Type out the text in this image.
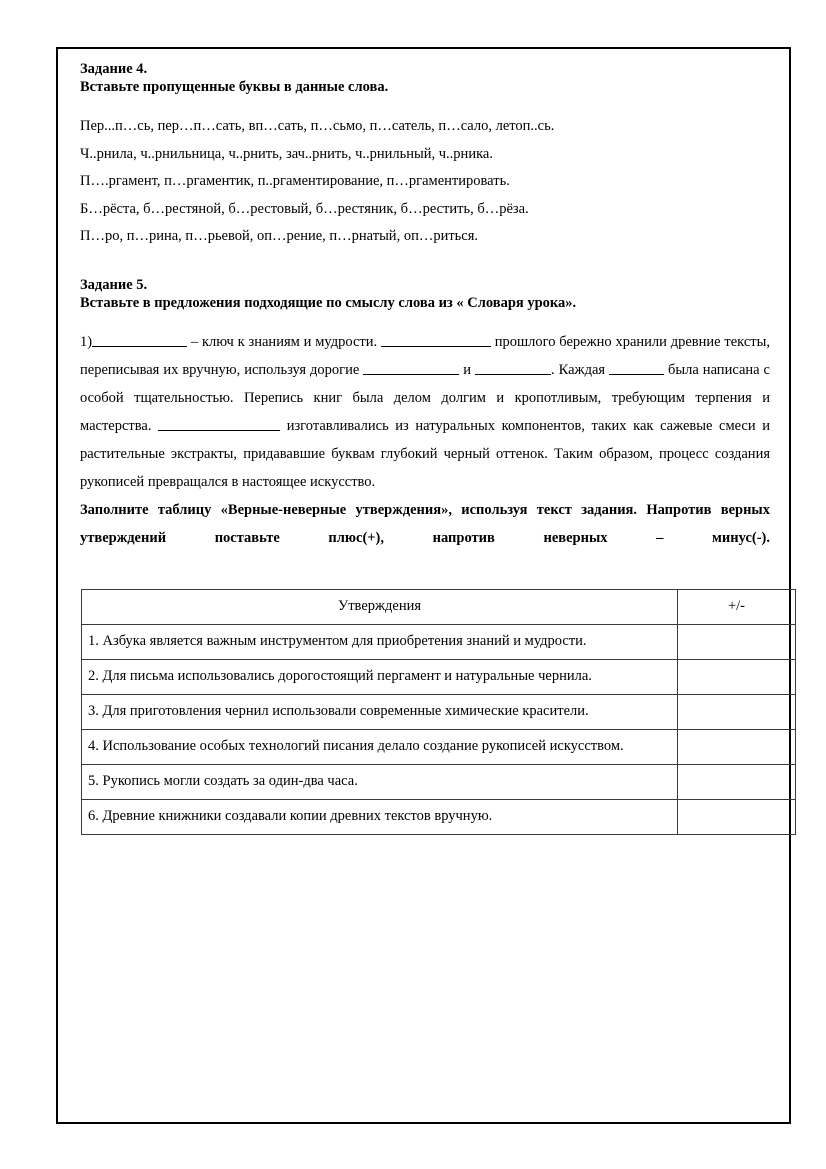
Задание 4.

Вставьте пропущенные буквы в данные слова.

Пер...п…сь, пер…п…сать, вп…сать, п…сьмо, п…сатель, п…сало, летоп..сь.

Ч..рнила, ч..рнильница, ч..рнить, зач..рнить, ч..рнильный, ч..рника.

П….ргамент, п…ргаментик, п..ргаментирование, п…ргаментировать.

Б…рёста, б…рестяной, б…рестовый, б…рестяник, б…рестить, б…рёза.

П…ро, п…рина, п…рьевой, оп…рение, п…рнатый, оп…риться.

Задание 5.

Вставьте в предложения подходящие по смыслу слова из « Словаря урока».

1)	– ключ к знаниям и мудрости.	прошлого бережно хранили древние тексты, переписывая их вручную, используя дорогие	и	. Каждая	была написана с особой тщательностью. Перепись книг была делом долгим и кропотливым, требующим терпения и мастерства.	изготавливались из натуральных компонентов, таких как сажевые смеси и растительные экстракты, придававшие буквам глубокий черный оттенок. Таким образом, процесс создания рукописей превращался в настоящее искусство.

Заполните таблицу «Верные-неверные утверждения», используя текст задания. Напротив верных утверждений поставьте плюс(+), напротив неверных – минус(-).

Утверждения	+/-
1. Азбука является важным инструментом для приобретения знаний и мудрости.	
2. Для письма использовались дорогостоящий пергамент и натуральные чернила.	
3. Для приготовления чернил использовали современные химические красители.	
4. Использование особых технологий писания делало создание рукописей искусством.	
5. Рукопись могли создать за один-два часа.	
6. Древние книжники создавали копии древних текстов вручную.	
